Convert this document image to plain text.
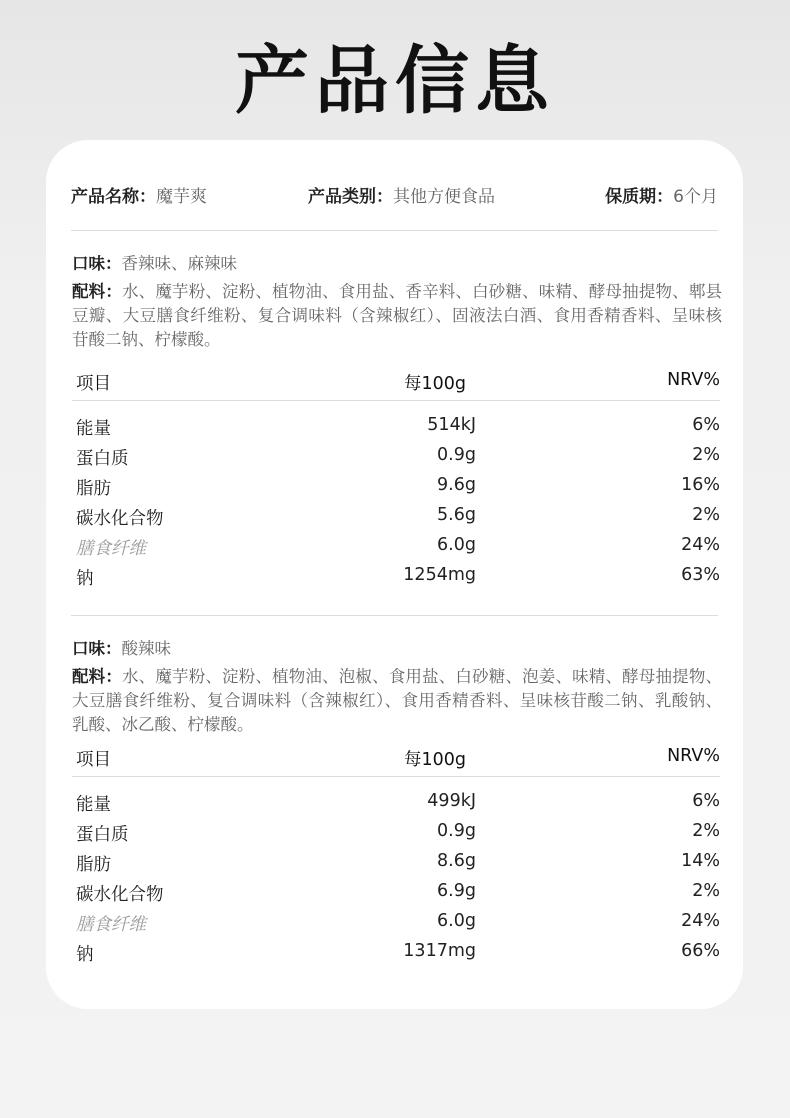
产品信息
产品名称：魔芋爽	产品类别：其他方便食品	保质期：6个月
口味：香辣味、麻辣味
配料：水、魔芋粉、淀粉、植物油、食用盐、香辛料、白砂糖、味精、酵母抽提物、郫县豆瓣、大豆膳食纤维粉、复合调味料（含辣椒红）、固液法白酒、食用香精香料、呈味核苷酸二钠、柠檬酸。
项目	每100g	NRV%
能量	514kJ	6%
蛋白质	0.9g	2%
脂肪	9.6g	16%
碳水化合物	5.6g	2%
膳食纤维	6.0g	24%
钠	1254mg	63%
口味：酸辣味
配料：水、魔芋粉、淀粉、植物油、泡椒、食用盐、白砂糖、泡姜、味精、酵母抽提物、大豆膳食纤维粉、复合调味料（含辣椒红）、食用香精香料、呈味核苷酸二钠、乳酸钠、乳酸、冰乙酸、柠檬酸。
项目	每100g	NRV%
能量	499kJ	6%
蛋白质	0.9g	2%
脂肪	8.6g	14%
碳水化合物	6.9g	2%
膳食纤维	6.0g	24%
钠	1317mg	66%
